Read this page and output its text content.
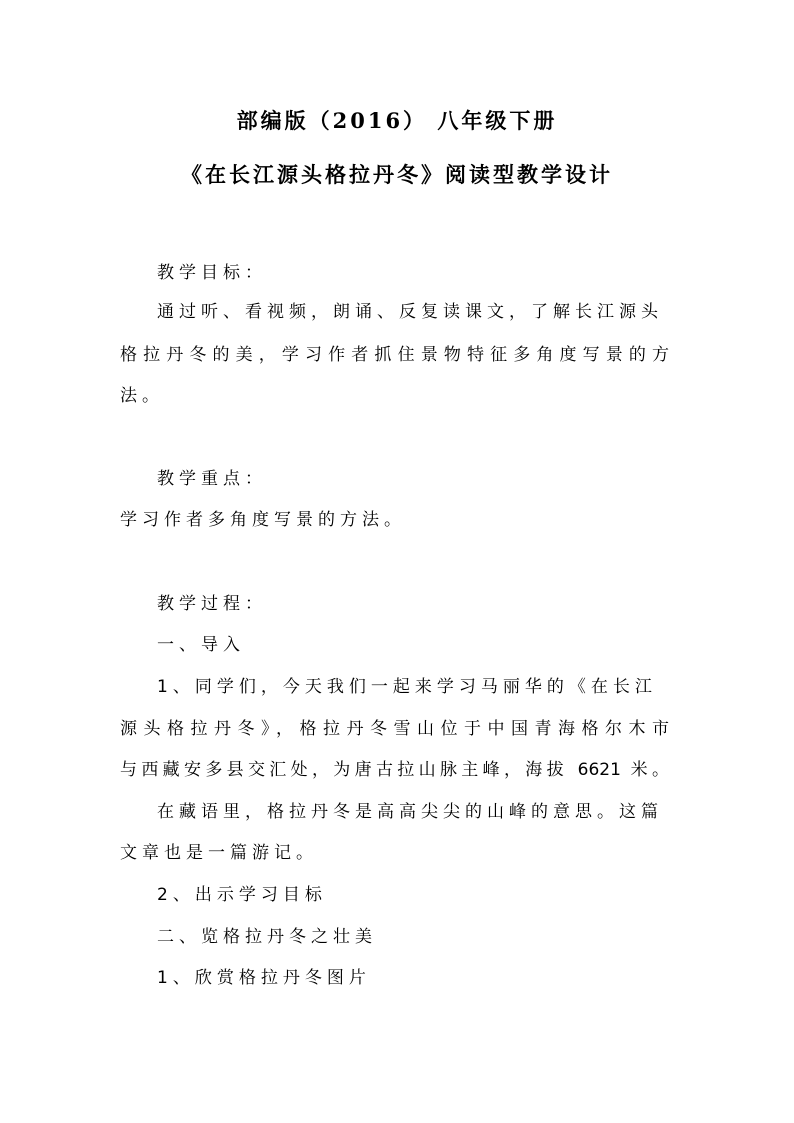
部编版（2016） 八年级下册
《在长江源头格拉丹冬》阅读型教学设计
教学目标：
通过听、看视频，朗诵、反复读课文，了解长江源头
格拉丹冬的美，学习作者抓住景物特征多角度写景的方
法。
教学重点：
学习作者多角度写景的方法。
教学过程：
一、导入
1、同学们，今天我们一起来学习马丽华的《在长江
源头格拉丹冬》，格拉丹冬雪山位于中国青海格尔木市
与西藏安多县交汇处，为唐古拉山脉主峰，海拔 6621 米。
在藏语里，格拉丹冬是高高尖尖的山峰的意思。这篇
文章也是一篇游记。
2、出示学习目标
二、览格拉丹冬之壮美
1、欣赏格拉丹冬图片
